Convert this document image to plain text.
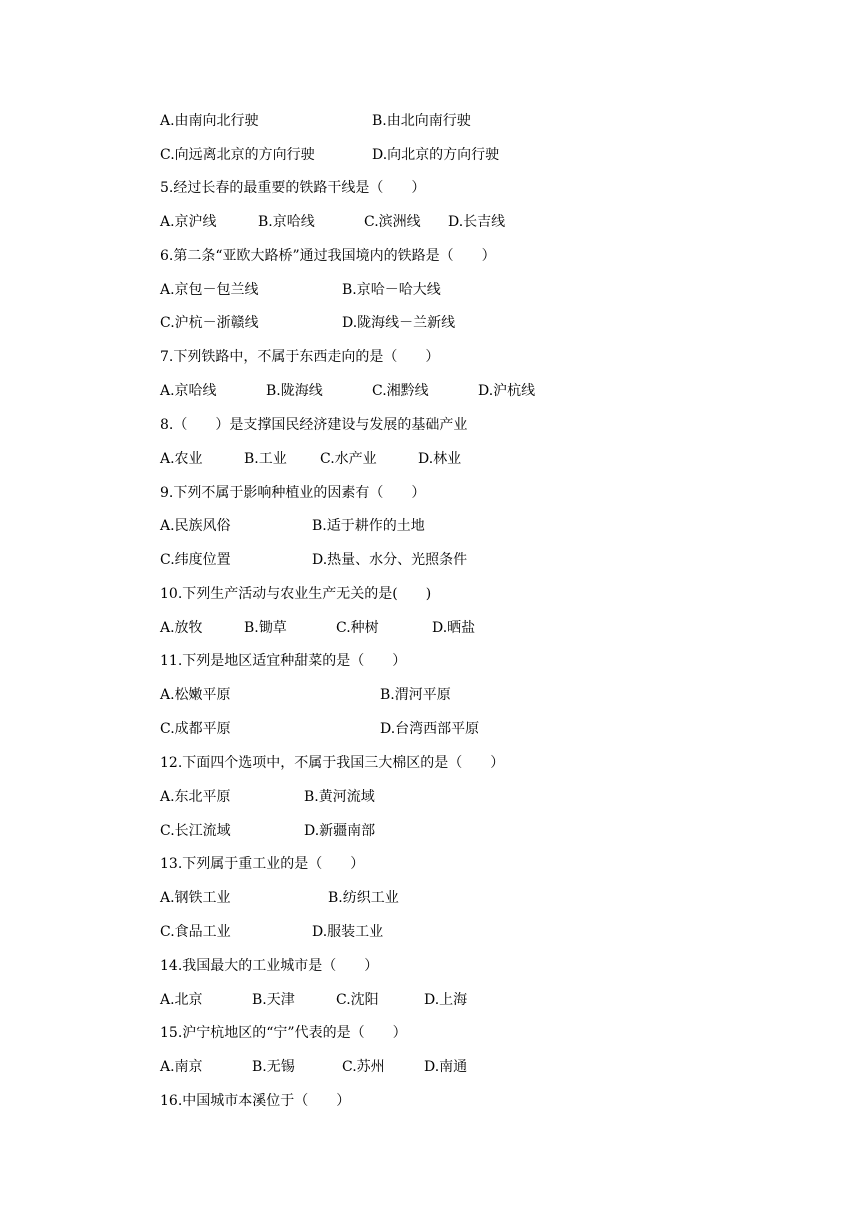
A.由南向北行驶	B.由北向南行驶
C.向远离北京的方向行驶	D.向北京的方向行驶
5.经过长春的最重要的铁路干线是（　　）
A.京沪线	B.京哈线	C.滨洲线 D.长吉线
6.第二条“亚欧大路桥”通过我国境内的铁路是（　　）
A.京包－包兰线	B.京哈－哈大线
C.沪杭－浙赣线	D.陇海线－兰新线
7.下列铁路中，不属于东西走向的是（　　）
A.京哈线	B.陇海线	C.湘黔线	D.沪杭线
8.（　　）是支撑国民经济建设与发展的基础产业
A.农业	B.工业 C.水产业	D.林业
9.下列不属于影响种植业的因素有（　　）
A.民族风俗	B.适于耕作的土地
C.纬度位置	D.热量、水分、光照条件
10.下列生产活动与农业生产无关的是(　　)
A.放牧	B.锄草	C.种树	D.晒盐
11.下列是地区适宜种甜菜的是（　　）
A.松嫩平原	B.渭河平原
C.成都平原	D.台湾西部平原
12.下面四个选项中，不属于我国三大棉区的是（　　）
A.东北平原	B.黄河流域
C.长江流域	D.新疆南部
13.下列属于重工业的是（　　）
A.钢铁工业	B.纺织工业
C.食品工业	D.服装工业
14.我国最大的工业城市是（　　）
A.北京	B.天津	C.沈阳	D.上海
15.沪宁杭地区的“宁”代表的是（　　）
A.南京	B.无锡	C.苏州	D.南通
16.中国城市本溪位于（　　）
